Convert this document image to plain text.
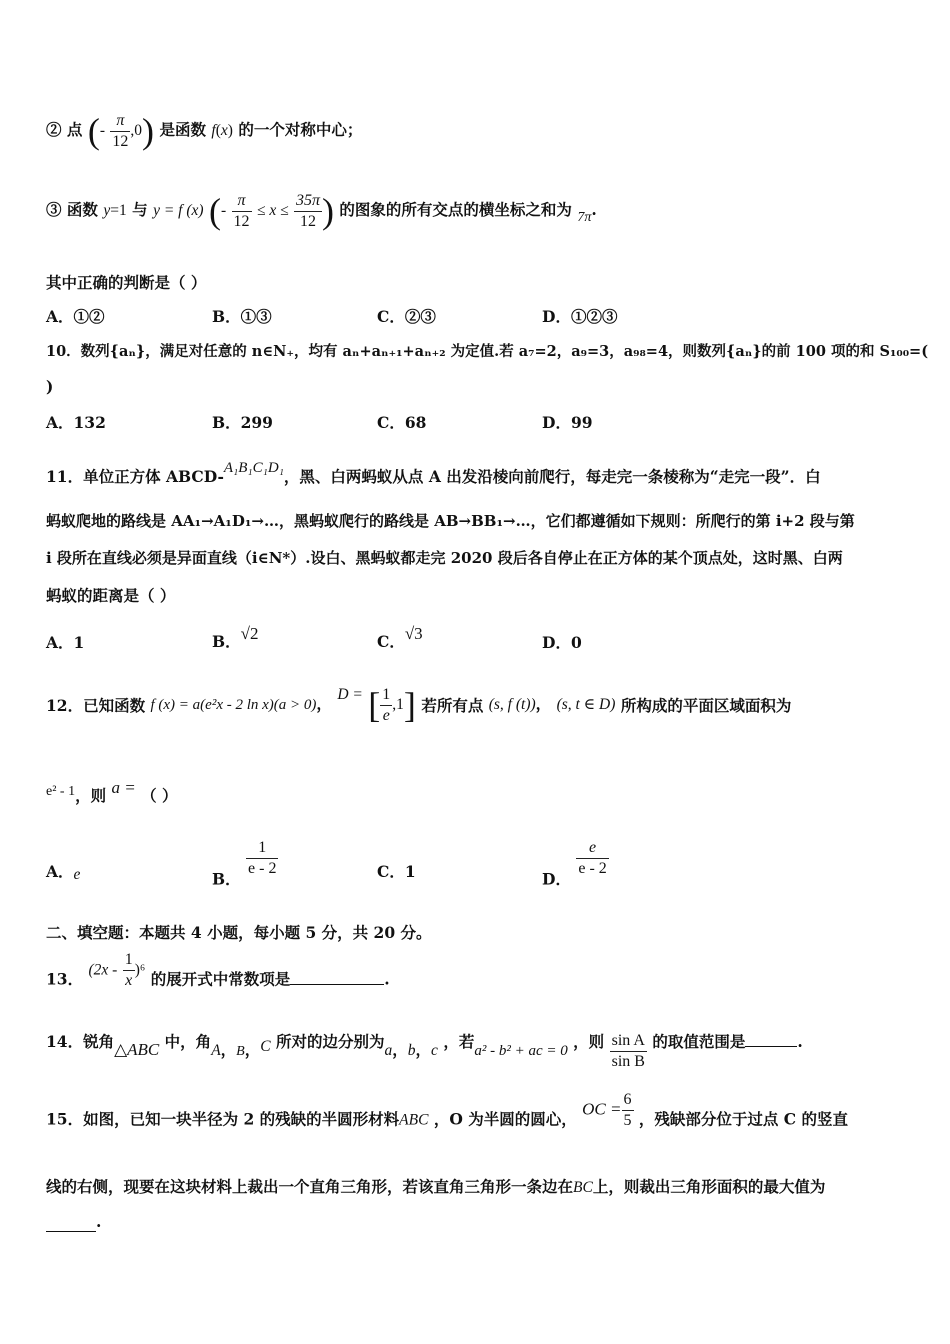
② 点 (- $\frac{\pi}{12} ,0$) 是函数 f(x) 的一个对称中心；
③ 函数 y=1 与 y = f (x) (- $\frac{\pi}{12} \le x \le \frac{35\pi}{12}$ ) 的图象的所有交点的横坐标之和为 7π.
其中正确的判断是（ ）
A．①②	B．①③	C．②③	D．①②③
10．数列{aₙ}，满足对任意的 n∈N₊，均有 aₙ+aₙ₊₁+aₙ₊₂ 为定值.若 a₇=2，a₉=3，a₉₈=4，则数列{aₙ}的前 100 项的和 S₁₀₀=(
)
A．132	B．299	C．68	D．99
11．单位正方体 ABCD-A₁B₁C₁D₁，黑、白两蚂蚁从点 A 出发沿棱向前爬行，每走完一条棱称为“走完一段”．白
蚂蚁爬地的路线是 AA₁→A₁D₁→…，黑蚂蚁爬行的路线是 AB→BB₁→…，它们都遵循如下规则：所爬行的第 i+2 段与第
i 段所在直线必须是异面直线（i∈N*）.设白、黑蚂蚁都走完 2020 段后各自停止在正方体的某个顶点处，这时黑、白两
蚂蚁的距离是（ ）
A．1	B．√2	C．√3	D．0
12．已知函数 f (x) = a(e²x - 2 ln x)(a > 0)， D = [ $\frac{1}{e} ,1$] 若所有点 (s, f (t))， (s, t ∈ D) 所构成的平面区域面积为
e² - 1，则 a = （ ）
A．e	B． $\frac{1}{e - 2}$	C．1	D． $\frac{e}{e - 2}$
二、填空题：本题共 4 小题，每小题 5 分，共 20 分。
13． $(2x - \frac{1}{x} )^6$ 的展开式中常数项是	.
14．锐角△ABC 中，角A，B，C 所对的边分别为a，b，c ，若a² - b² + ac = 0 ，则 $\frac{\text{sin A}}{\text{sin B}}$ 的取值范围是	.
15．如图，已知一块半径为 2 的残缺的半圆形材料ABC ，O 为半圆的圆心， OC = $\frac{6}{5}$ ，残缺部分位于过点 C 的竖直
线的右侧，现要在这块材料上裁出一个直角三角形，若该直角三角形一条边在BC上，则裁出三角形面积的最大值为
.
